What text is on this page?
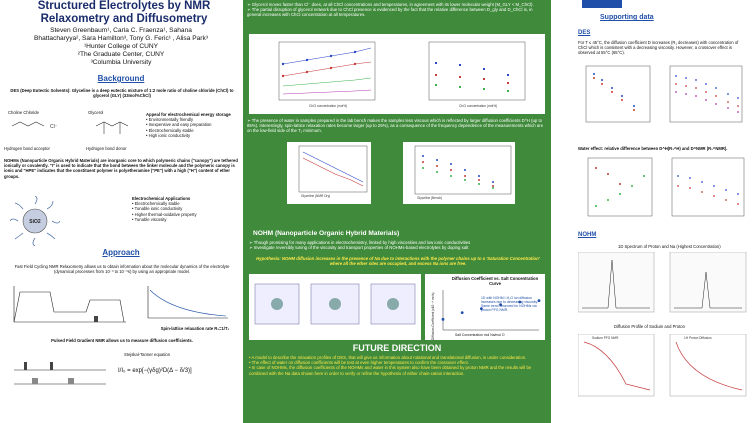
Structured Electrolytes by NMR
Relaxometry and Diffusometry
Steven Greenbaum¹, Carla C. Fraenza¹, Sahana
Bhattacharyya², Sara Hamilton³, Tony G. Feric¹ , Alisa Park³
¹Hunter College of CUNY
²The Graduate Center, CUNY
³Columbia University
Background
DES (Deep Eutectic Solvents): Glyceline is a deep eutectic mixture of 1:2 mole ratio of choline chloride (ChCl) to glycerol (GLY) (33mol%ChCl)
Choline Chloride	Glycerol
Cl⁻
Hydrogen bond acceptor	Hydrogen bond donor
Appeal for electrochemical energy storage
• Environmentally friendly
• Inexpensive and easy preparation
• Electrochemically stable
• High ionic conductivity
NOHMs (Nanoparticle Organic Hybrid Materials) are inorganic core to which polymeric chains ("canopy") are tethered ionically or covalently. "I" is used to indicate that the bond between the linker molecule and the polymeric canopy is ionic and "HPE" indicates that the constituent polymer is polyetheramine ("PE") with a high ("H") content of ether groups.
SiO2
Electrochemical Applications
• Electrochemically stable
• Tunable ionic conductivity
• Higher thermal-oxidative property
• Tunable viscosity
Approach
Fast Field Cycling NMR Relaxometry allows us to obtain information about the molecular dynamics of the electrolyte (dynamical processes from 10⁻³ to 10⁻⁹s) by using an appropriate model.
Spin-lattice relaxation rate R₁=1/T₁
Pulsed Field Gradient NMR allows us to measure diffusion coefficients.
Stejskal-Tanner equation
I/I₀ = exp[−(γδg)²D(Δ − δ/3)]
➢ Glycerol moves faster than Cl⁻ does, at all ChCl concentrations and temperatures, in agreement with its lower molecular weight (M_GLY < M_ChCl).
➢ The partial disruption of glycerol network due to ChCl presence is evidenced by the fact that the relative difference between D_gly and D_ChCl is, in general increases with ChCl concentration at all temperatures.
ChCl concentration (mol%)	ChCl concentration (mol%)
➢ The presence of water in samples prepared in the lab bench makes the samples less viscous which is reflected by larger diffusion coefficients D^H (up to 85%). Interestingly, spin-lattice relaxation rates become larger (up to 25%), as a consequence of the frequency dependence of the measurements which are on the low-field side of the T₁ minimum.
Glyceline (NMR Dry)	Glyceline (Bench)
NOHM (Nanoparticle Organic Hybrid Materials)
➢ Though promising for many applications in electrochemistry, limited by high viscosities and low ionic conductivities
➢ Investigate reversibly tuning of the viscosity and transport properties of NOHMs-based electrolytes by doping salt
Hypothesis: NOHM diffusion increases in the presence of Na due to interactions with the polymer chains up to a 'Saturation Concentration' where all the ether sites are occupied, and excess Na ions are free.
FUTURE DIRECTION
• A model to describe the relaxation profiles of DES, that will give us information about rotational and translational diffusion, is under consideration.
• The effect of water on diffusion coefficients will be test at even higher temperatures to confirm the crossover effect.
• In case of NOHMs, the diffusion coefficients of the NOHMs and water in this system also have been obtained by proton NMR and the results will be combined with the Na data shown here in order to verify or refine the hypothesis of either chain-cation interaction.
Diffusion Coefficient vs. Salt Concentration Curve
1D with NOHM I-H₂O ion diffusion increases due to decreasing viscosity. Same trend observed for NOHMs via proton PFG NMR.
Salt Concentration mol Na/mol O
Diffusion Coefficient (x10⁻¹⁰ m²/s)
Supporting data
DES
For T ≤ 45°C, the diffusion coefficient D increases (R₁ decreases) with concentration of ChCl which is consistent with a decreasing viscosity. However, a crossover effect is observed at 55°C (65°C).
Water effect: relative difference between D^H(R₁^H) and D^NMR (R₁^NMR).
NOHM
1D Spectrum of Proton and Na (Highest Concentration)
Diffusion Profile of Sodium and Proton
Sodium PFG NMR	1H Proton Diffusion
